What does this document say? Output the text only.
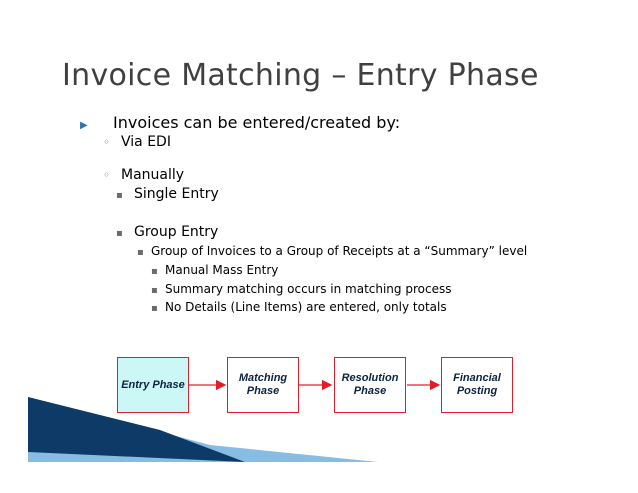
Invoice Matching – Entry Phase
▶ Invoices can be entered/created by:
◦ Via EDI
◦ Manually
▪ Single Entry
▪ Group Entry
▪ Group of Invoices to a Group of Receipts at a “Summary” level
▪ Manual Mass Entry
▪ Summary matching occurs in matching process
▪ No Details (Line Items) are entered, only totals
Entry Phase
Matching
Phase
Resolution
Phase
Financial
Posting
